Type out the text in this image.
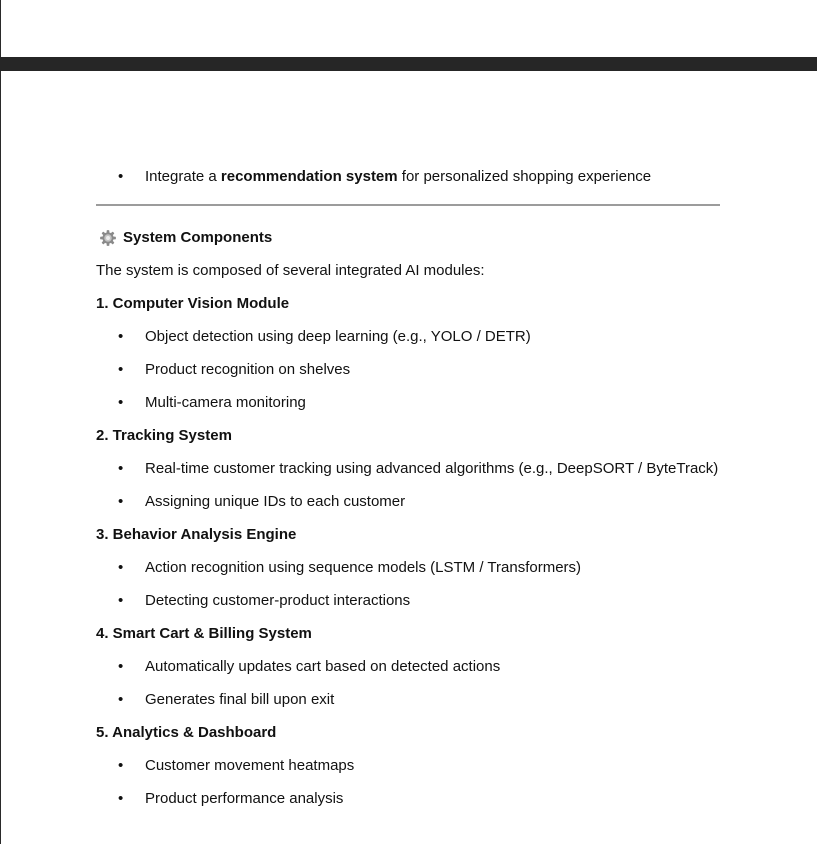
• Integrate a recommendation system for personalized shopping experience
System Components
The system is composed of several integrated AI modules:
1. Computer Vision Module
• Object detection using deep learning (e.g., YOLO / DETR)
• Product recognition on shelves
• Multi-camera monitoring
2. Tracking System
• Real-time customer tracking using advanced algorithms (e.g., DeepSORT / ByteTrack)
• Assigning unique IDs to each customer
3. Behavior Analysis Engine
• Action recognition using sequence models (LSTM / Transformers)
• Detecting customer-product interactions
4. Smart Cart & Billing System
• Automatically updates cart based on detected actions
• Generates final bill upon exit
5. Analytics & Dashboard
• Customer movement heatmaps
• Product performance analysis
